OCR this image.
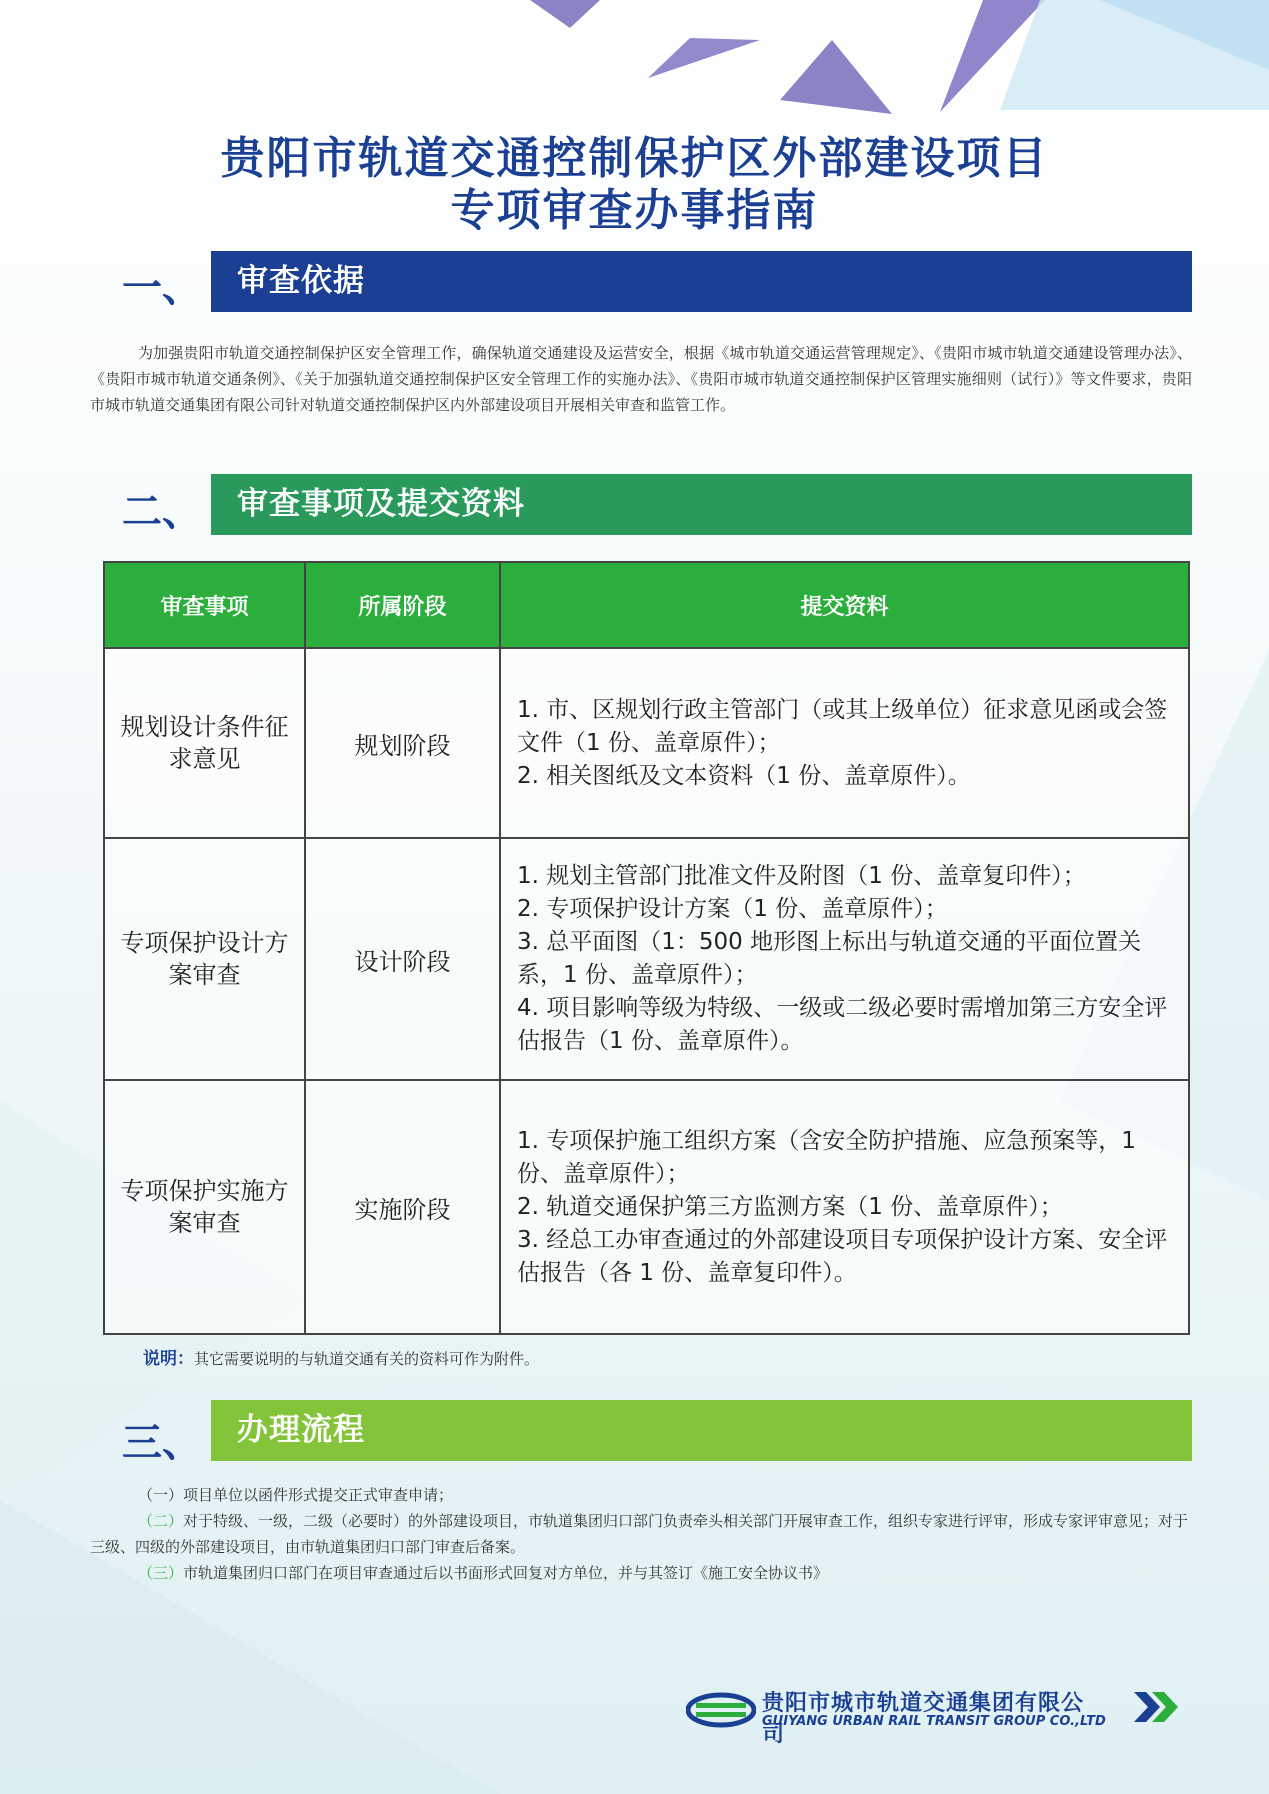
贵阳市轨道交通控制保护区外部建设项目
专项审查办事指南
一、	审查依据

为加强贵阳市轨道交通控制保护区安全管理工作，确保轨道交通建设及运营安全，根据《城市轨道交通运营管理规定》、《贵阳市城市轨道交通建设管理办法》、《贵阳市城市轨道交通条例》、《关于加强轨道交通控制保护区安全管理工作的实施办法》、《贵阳市城市轨道交通控制保护区管理实施细则（试行）》等文件要求，贵阳市城市轨道交通集团有限公司针对轨道交通控制保护区内外部建设项目开展相关审查和监管工作。

二、	审查事项及提交资料
审查事项	所属阶段	提交资料
规划设计条件征求意见	规划阶段	1. 市、区规划行政主管部门（或其上级单位）征求意见函或会签文件（1 份、盖章原件）；
2. 相关图纸及文本资料（1 份、盖章原件）。

专项保护设计方案审查	设计阶段	1. 规划主管部门批准文件及附图（1 份、盖章复印件）；
2. 专项保护设计方案（1 份、盖章原件）；
3. 总平面图（1：500 地形图上标出与轨道交通的平面位置关系，1 份、盖章原件）；
4. 项目影响等级为特级、一级或二级必要时需增加第三方安全评估报告（1 份、盖章原件）。

专项保护实施方案审查	实施阶段	1. 专项保护施工组织方案（含安全防护措施、应急预案等，1 份、盖章原件）；
2. 轨道交通保护第三方监测方案（1 份、盖章原件）；
3. 经总工办审查通过的外部建设项目专项保护设计方案、安全评估报告（各 1 份、盖章复印件）。
说明：其它需要说明的与轨道交通有关的资料可作为附件。
三、	办理流程

（一）项目单位以函件形式提交正式审查申请；

（二）对于特级、一级，二级（必要时）的外部建设项目，市轨道集团归口部门负责牵头相关部门开展审查工作，组织专家进行评审，形成专家评审意见；对于三级、四级的外部建设项目，由市轨道集团归口部门审查后备案。

（三）市轨道集团归口部门在项目审查通过后以书面形式回复对方单位，并与其签订《施工安全协议书》

贵阳市城市轨道交通集团有限公司
GUIYANG URBAN RAIL TRANSIT GROUP CO.,LTD
